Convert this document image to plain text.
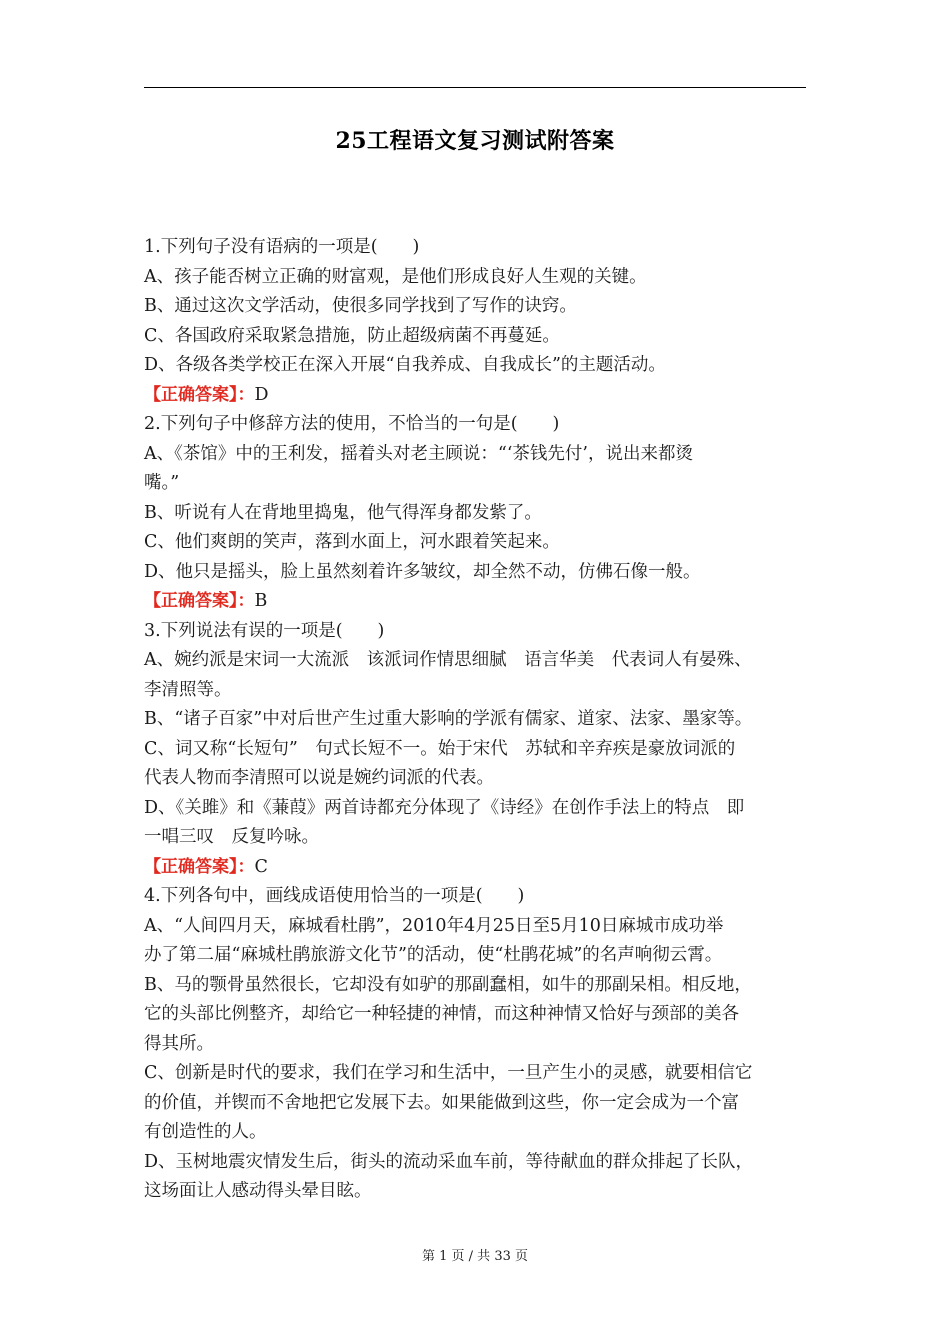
25工程语文复习测试附答案
1.下列句子没有语病的一项是(　　)
A、孩子能否树立正确的财富观，是他们形成良好人生观的关键。
B、通过这次文学活动，使很多同学找到了写作的诀窍。
C、各国政府采取紧急措施，防止超级病菌不再蔓延。
D、各级各类学校正在深入开展“自我养成、自我成长”的主题活动。
【正确答案】：D
2.下列句子中修辞方法的使用，不恰当的一句是(　　)
A、《茶馆》中的王利发，摇着头对老主顾说：“‘茶钱先付’，说出来都烫
嘴。”
B、听说有人在背地里捣鬼，他气得浑身都发紫了。
C、他们爽朗的笑声，落到水面上，河水跟着笑起来。
D、他只是摇头，脸上虽然刻着许多皱纹，却全然不动，仿佛石像一般。
【正确答案】：B
3.下列说法有误的一项是(　　)
A、婉约派是宋词一大流派　该派词作情思细腻　语言华美　代表词人有晏殊、
李清照等。
B、“诸子百家”中对后世产生过重大影响的学派有儒家、道家、法家、墨家等。
C、词又称“长短句”　句式长短不一。始于宋代　苏轼和辛弃疾是豪放词派的
代表人物而李清照可以说是婉约词派的代表。
D、《关雎》和《蒹葭》两首诗都充分体现了《诗经》在创作手法上的特点　即
一唱三叹　反复吟咏。
【正确答案】：C
4.下列各句中，画线成语使用恰当的一项是(　　)
A、“人间四月天，麻城看杜鹃”，2010年4月25日至5月10日麻城市成功举
办了第二届“麻城杜鹃旅游文化节”的活动，使“杜鹃花城”的名声响彻云霄。
B、马的颚骨虽然很长，它却没有如驴的那副蠢相，如牛的那副呆相。相反地，
它的头部比例整齐，却给它一种轻捷的神情，而这种神情又恰好与颈部的美各
得其所。
C、创新是时代的要求，我们在学习和生活中，一旦产生小的灵感，就要相信它
的价值，并锲而不舍地把它发展下去。如果能做到这些，你一定会成为一个富
有创造性的人。
D、玉树地震灾情发生后，街头的流动采血车前，等待献血的群众排起了长队，
这场面让人感动得头晕目眩。
第 1 页 / 共 33 页
